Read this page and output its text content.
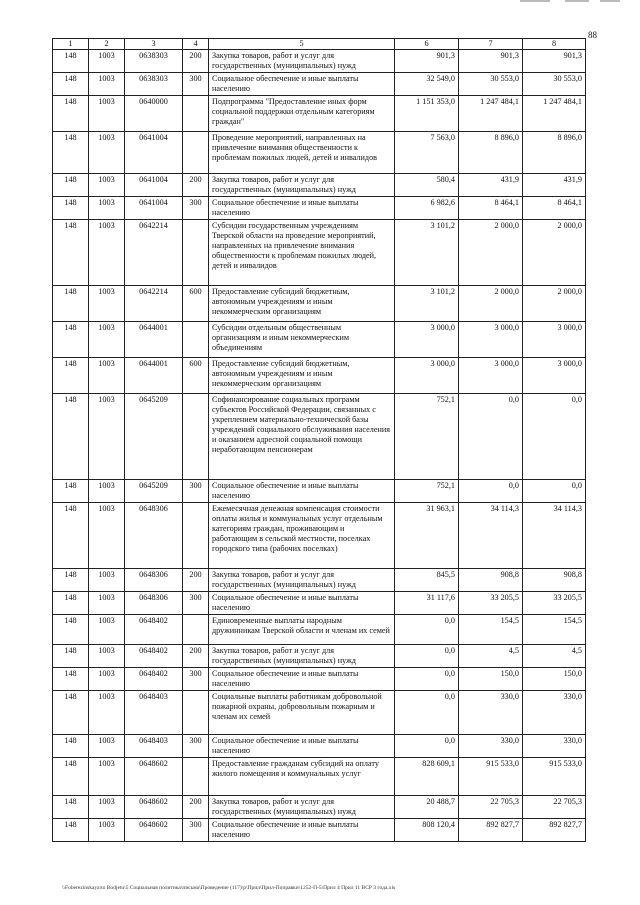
88
1	2	3	4	5	6	7	8
148	1003	0638303	200	Закупка товаров, работ и услуг для государственных (муниципальных) нужд	901,3	901,3	901,3
148	1003	0638303	300	Социальное обеспечение и иные выплаты населению	32 549,0	30 553,0	30 553,0
148	1003	0640000		Подпрограмма "Предоставление иных форм социальной поддержки отдельным категориям граждан"	1 151 353,0	1 247 484,1	1 247 484,1
148	1003	0641004		Проведение мероприятий, направленных на привлечение внимания общественности к проблемам пожилых людей, детей и инвалидов	7 563,0	8 896,0	8 896,0
148	1003	0641004	200	Закупка товаров, работ и услуг для государственных (муниципальных) нужд	580,4	431,9	431,9
148	1003	0641004	300	Социальное обеспечение и иные выплаты населению	6 982,6	8 464,1	8 464,1
148	1003	0642214		Субсидии государственным учреждениям Тверской области на проведение мероприятий, направленных на привлечение внимания общественности к проблемам пожилых людей, детей и инвалидов	3 101,2	2 000,0	2 000,0
148	1003	0642214	600	Предоставление субсидий бюджетным, автономным учреждениям и иным некоммерческим организациям	3 101,2	2 000,0	2 000,0
148	1003	0644001		Субсидии отдельным общественным организациям и иным некоммерческим объединениям	3 000,0	3 000,0	3 000,0
148	1003	0644001	600	Предоставление субсидий бюджетным, автономным учреждениям и иным некоммерческим организациям	3 000,0	3 000,0	3 000,0
148	1003	0645209		Софинансирование социальных программ субъектов Российской Федерации, связанных с укреплением материально-технической базы учреждений социального обслуживания населения и оказанием адресной социальной помощи неработающим пенсионерам	752,1	0,0	0,0
148	1003	0645209	300	Социальное обеспечение и иные выплаты населению	752,1	0,0	0,0
148	1003	0648306		Ежемесячная денежная компенсация стоимости оплаты жилья и коммунальных услуг отдельным категориям граждан, проживающим и работающим в сельской местности, поселках городского типа (рабочих поселках)	31 963,1	34 114,3	34 114,3
148	1003	0648306	200	Закупка товаров, работ и услуг для государственных (муниципальных) нужд	845,5	908,8	908,8
148	1003	0648306	300	Социальное обеспечение и иные выплаты населению	31 117,6	33 205,5	33 205,5
148	1003	0648402		Единовременные выплаты народным дружинникам Тверской области и членам их семей	0,0	154,5	154,5
148	1003	0648402	200	Закупка товаров, работ и услуг для государственных (муниципальных) нужд	0,0	4,5	4,5
148	1003	0648402	300	Социальное обеспечение и иные выплаты населению	0,0	150,0	150,0
148	1003	0648403		Социальные выплаты работникам добровольной пожарной охраны, добровольным пожарным и членам их семей	0,0	330,0	330,0
148	1003	0648403	300	Социальное обеспечение и иные выплаты населению	0,0	330,0	330,0
148	1003	0648602		Предоставление гражданам субсидий на оплату жилого помещения и коммунальных услуг	828 609,1	915 533,0	915 533,0
148	1003	0648602	200	Закупка товаров, работ и услуг для государственных (муниципальных) нужд	20 488,7	22 705,3	22 705,3
148	1003	0648602	300	Социальное обеспечение и иные выплаты населению	808 120,4	892 827,7	892 827,7
\\Foberezinskaya\to Bodjetu\5 Социальная политика\письма\Проведение (117)\р\Прил\Прил-Поправки\1252-П-5\Прил 4 Прил 11 ВСР 3 года.xls
